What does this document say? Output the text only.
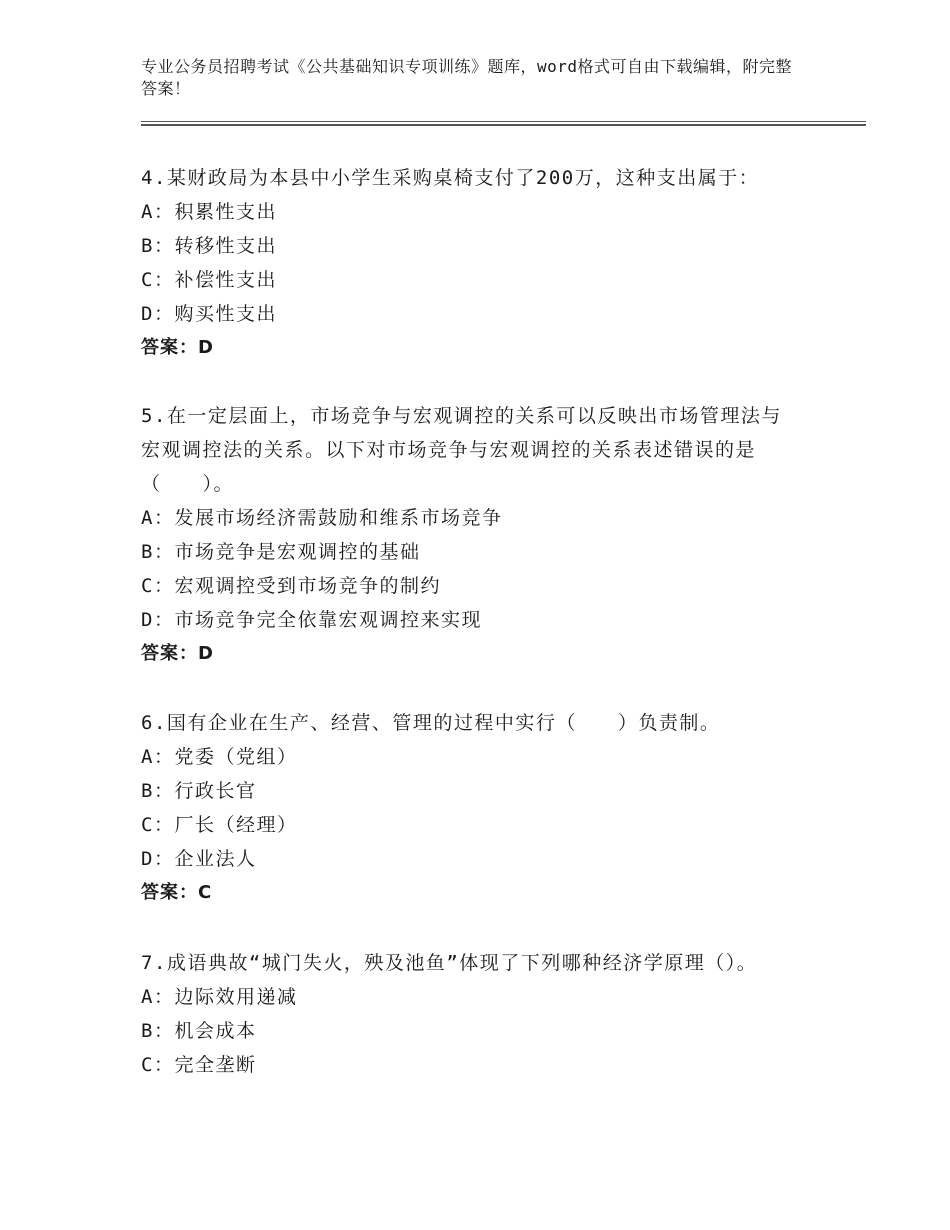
专业公务员招聘考试《公共基础知识专项训练》题库，word格式可自由下载编辑，附完整答案！

4.某财政局为本县中小学生采购桌椅支付了200万，这种支出属于：

A：积累性支出

B：转移性支出

C：补偿性支出

D：购买性支出

答案：D

5.在一定层面上，市场竞争与宏观调控的关系可以反映出市场管理法与宏观调控法的关系。以下对市场竞争与宏观调控的关系表述错误的是（　　）。

A：发展市场经济需鼓励和维系市场竞争

B：市场竞争是宏观调控的基础

C：宏观调控受到市场竞争的制约

D：市场竞争完全依靠宏观调控来实现

答案：D

6.国有企业在生产、经营、管理的过程中实行（　　）负责制。

A：党委（党组）

B：行政长官

C：厂长（经理）

D：企业法人

答案：C

7.成语典故“城门失火，殃及池鱼”体现了下列哪种经济学原理（）。

A：边际效用递减

B：机会成本

C：完全垄断
